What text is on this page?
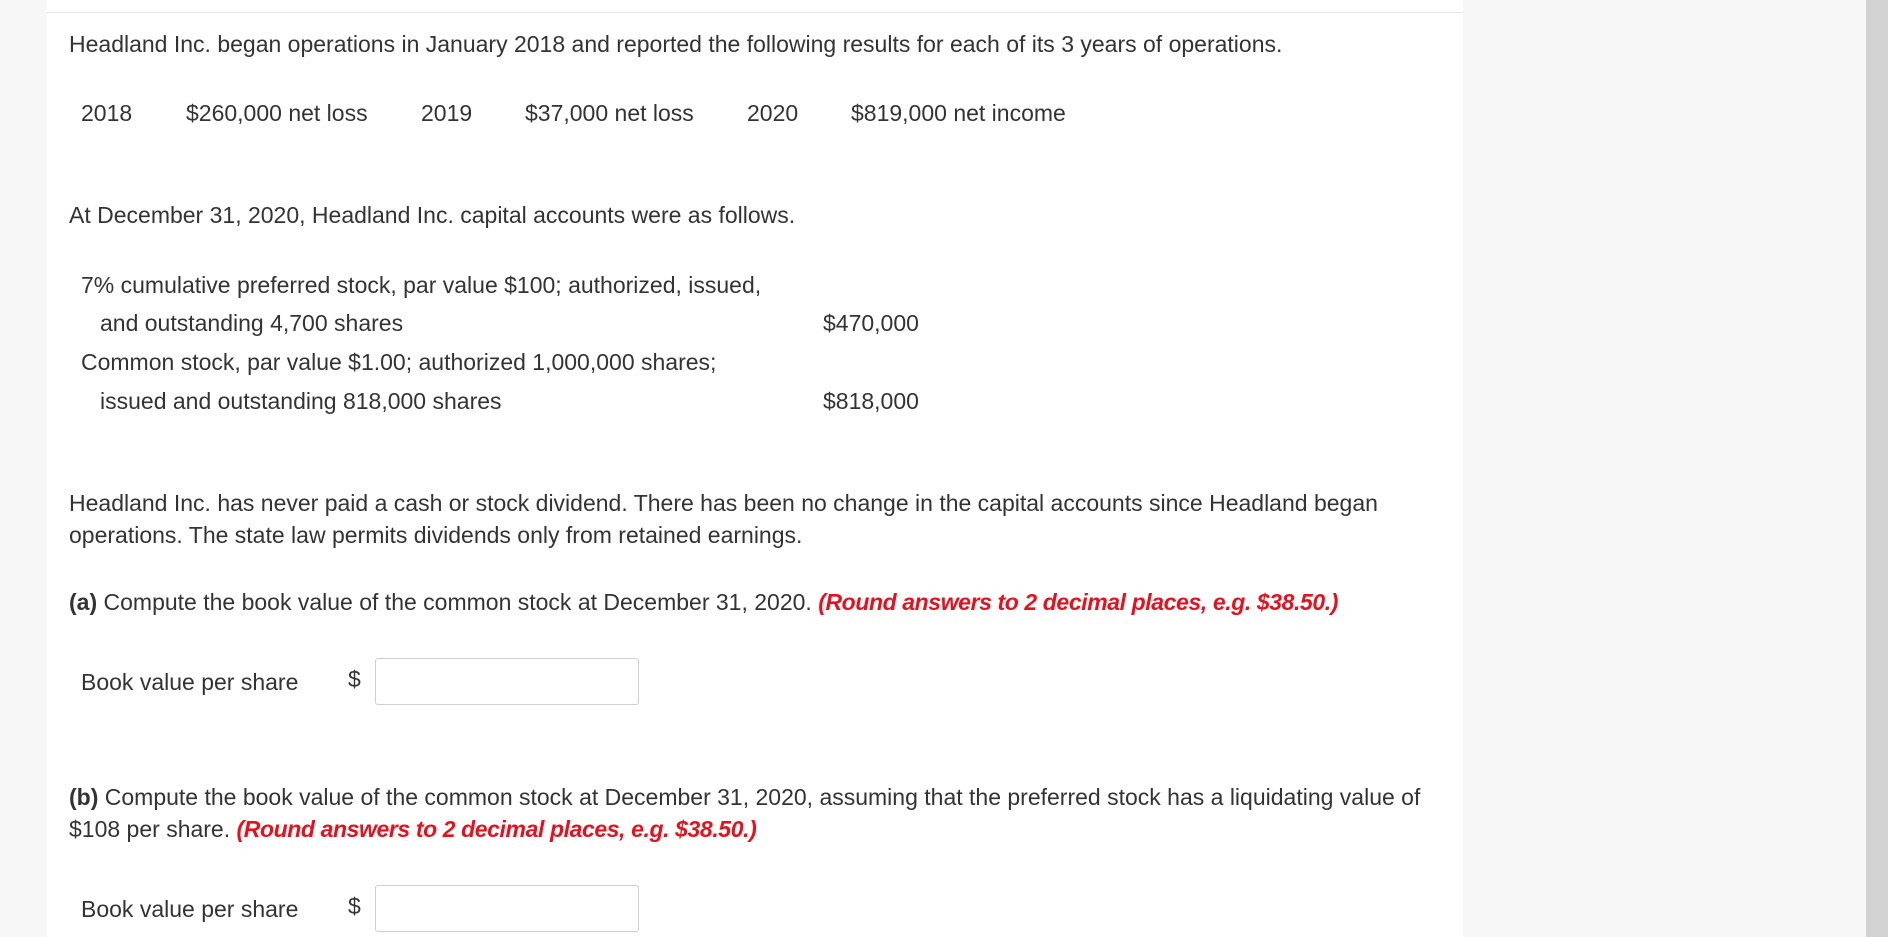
Headland Inc. began operations in January 2018 and reported the following results for each of its 3 years of operations.
2018 $260,000 net loss 2019 $37,000 net loss 2020 $819,000 net income
At December 31, 2020, Headland Inc. capital accounts were as follows.
7% cumulative preferred stock, par value $100; authorized, issued,
and outstanding 4,700 shares	$470,000
Common stock, par value $1.00; authorized 1,000,000 shares;
issued and outstanding 818,000 shares	$818,000
Headland Inc. has never paid a cash or stock dividend. There has been no change in the capital accounts since Headland began operations. The state law permits dividends only from retained earnings.
(a) Compute the book value of the common stock at December 31, 2020. (Round answers to 2 decimal places, e.g. $38.50.)
Book value per share $
(b) Compute the book value of the common stock at December 31, 2020, assuming that the preferred stock has a liquidating value of $108 per share. (Round answers to 2 decimal places, e.g. $38.50.)
Book value per share $
